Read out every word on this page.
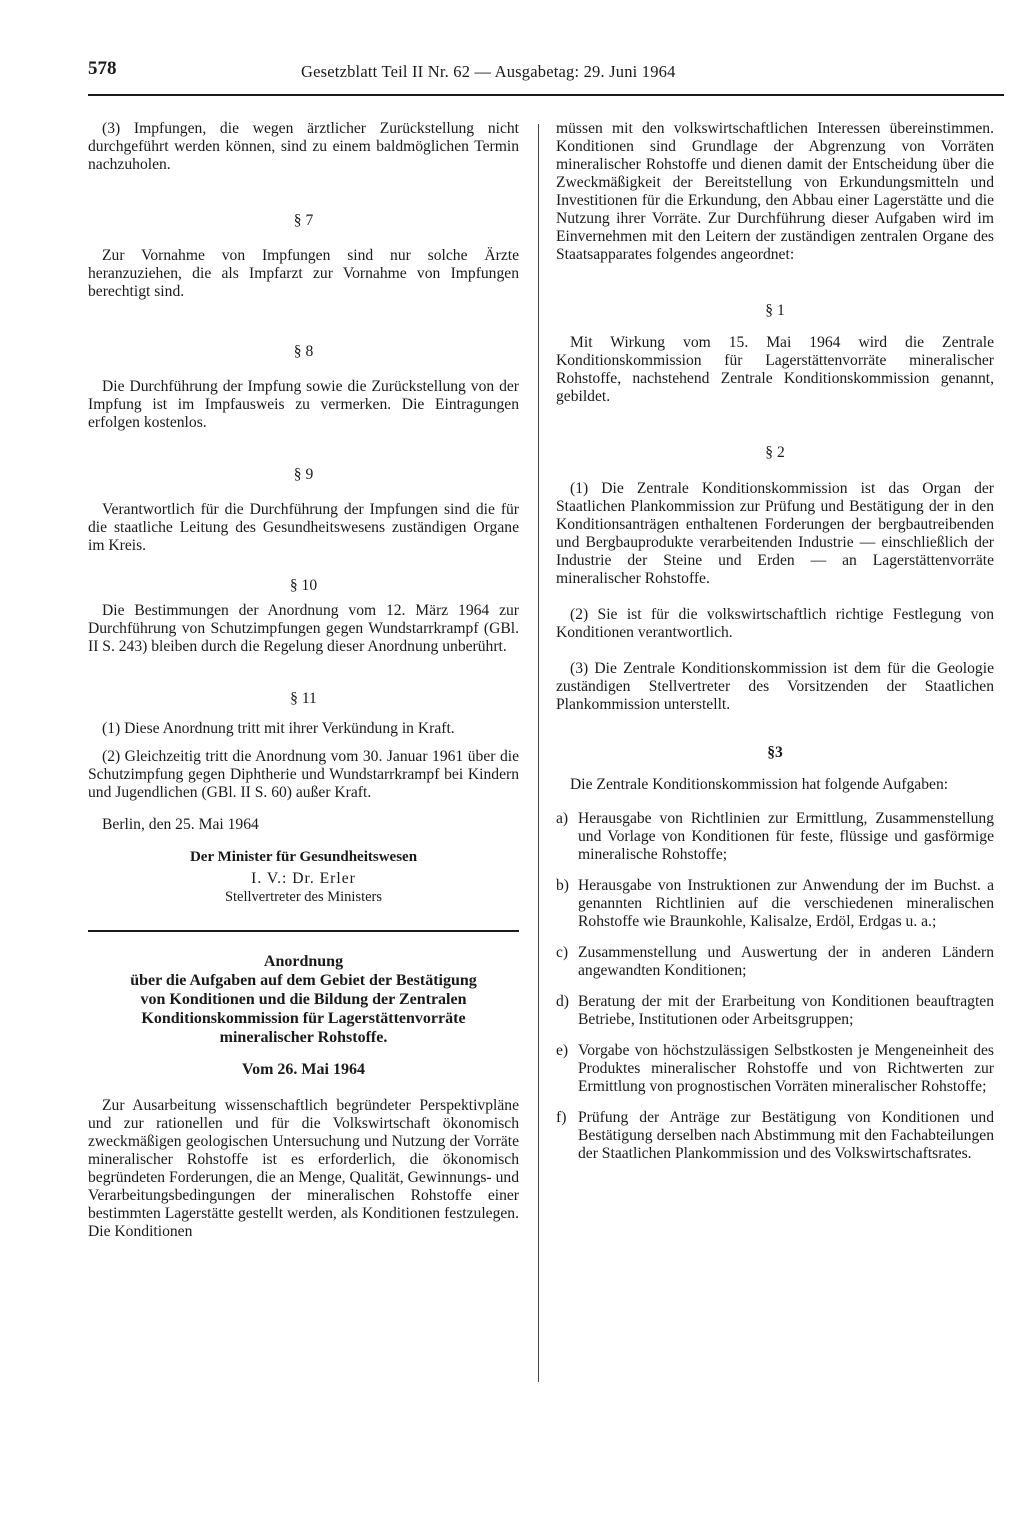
578	Gesetzblatt Teil II Nr. 62 — Ausgabetag: 29. Juni 1964

(3) Impfungen, die wegen ärztlicher Zurückstellung nicht durchgeführt werden können, sind zu einem baldmöglichen Termin nachzuholen.

§ 7

Zur Vornahme von Impfungen sind nur solche Ärzte heranzuziehen, die als Impfarzt zur Vornahme von Impfungen berechtigt sind.

§ 8

Die Durchführung der Impfung sowie die Zurückstellung von der Impfung ist im Impfausweis zu vermerken. Die Eintragungen erfolgen kostenlos.

§ 9

Verantwortlich für die Durchführung der Impfungen sind die für die staatliche Leitung des Gesundheitswesens zuständigen Organe im Kreis.

§ 10

Die Bestimmungen der Anordnung vom 12. März 1964 zur Durchführung von Schutzimpfungen gegen Wundstarrkrampf (GBl. II S. 243) bleiben durch die Regelung dieser Anordnung unberührt.

§ 11

(1) Diese Anordnung tritt mit ihrer Verkündung in Kraft.

(2) Gleichzeitig tritt die Anordnung vom 30. Januar 1961 über die Schutzimpfung gegen Diphtherie und Wundstarrkrampf bei Kindern und Jugendlichen (GBl. II S. 60) außer Kraft.

Berlin, den 25. Mai 1964

Der Minister für Gesundheitswesen

I. V.: Dr. Erler

Stellvertreter des Ministers

Anordnung

über die Aufgaben auf dem Gebiet der Bestätigung

von Konditionen und die Bildung der Zentralen

Konditionskommission für Lagerstättenvorräte

mineralischer Rohstoffe.

Vom 26. Mai 1964

Zur Ausarbeitung wissenschaftlich begründeter Perspektivpläne und zur rationellen und für die Volkswirtschaft ökonomisch zweckmäßigen geologischen Untersuchung und Nutzung der Vorräte mineralischer Rohstoffe ist es erforderlich, die ökonomisch begründeten Forderungen, die an Menge, Qualität, Gewinnungs- und Verarbeitungsbedingungen der mineralischen Rohstoffe einer bestimmten Lagerstätte gestellt werden, als Konditionen festzulegen. Die Konditionen

müssen mit den volkswirtschaftlichen Interessen übereinstimmen. Konditionen sind Grundlage der Abgrenzung von Vorräten mineralischer Rohstoffe und dienen damit der Entscheidung über die Zweckmäßigkeit der Bereitstellung von Erkundungsmitteln und Investitionen für die Erkundung, den Abbau einer Lagerstätte und die Nutzung ihrer Vorräte. Zur Durchführung dieser Aufgaben wird im Einvernehmen mit den Leitern der zuständigen zentralen Organe des Staatsapparates folgendes angeordnet:

§ 1

Mit Wirkung vom 15. Mai 1964 wird die Zentrale Konditionskommission für Lagerstättenvorräte mineralischer Rohstoffe, nachstehend Zentrale Konditionskommission genannt, gebildet.

§ 2

(1) Die Zentrale Konditionskommission ist das Organ der Staatlichen Plankommission zur Prüfung und Bestätigung der in den Konditionsanträgen enthaltenen Forderungen der bergbautreibenden und Bergbauprodukte verarbeitenden Industrie — einschließlich der Industrie der Steine und Erden — an Lagerstättenvorräte mineralischer Rohstoffe.

(2) Sie ist für die volkswirtschaftlich richtige Festlegung von Konditionen verantwortlich.

(3) Die Zentrale Konditionskommission ist dem für die Geologie zuständigen Stellvertreter des Vorsitzenden der Staatlichen Plankommission unterstellt.

§3

Die Zentrale Konditionskommission hat folgende Aufgaben:

a) Herausgabe von Richtlinien zur Ermittlung, Zusammenstellung und Vorlage von Konditionen für feste, flüssige und gasförmige mineralische Rohstoffe;
b) Herausgabe von Instruktionen zur Anwendung der im Buchst. a genannten Richtlinien auf die verschiedenen mineralischen Rohstoffe wie Braunkohle, Kalisalze, Erdöl, Erdgas u. a.;
c) Zusammenstellung und Auswertung der in anderen Ländern angewandten Konditionen;
d) Beratung der mit der Erarbeitung von Konditionen beauftragten Betriebe, Institutionen oder Arbeitsgruppen;
e) Vorgabe von höchstzulässigen Selbstkosten je Mengeneinheit des Produktes mineralischer Rohstoffe und von Richtwerten zur Ermittlung von prognostischen Vorräten mineralischer Rohstoffe;
f) Prüfung der Anträge zur Bestätigung von Konditionen und Bestätigung derselben nach Abstimmung mit den Fachabteilungen der Staatlichen Plankommission und des Volkswirtschaftsrates.
